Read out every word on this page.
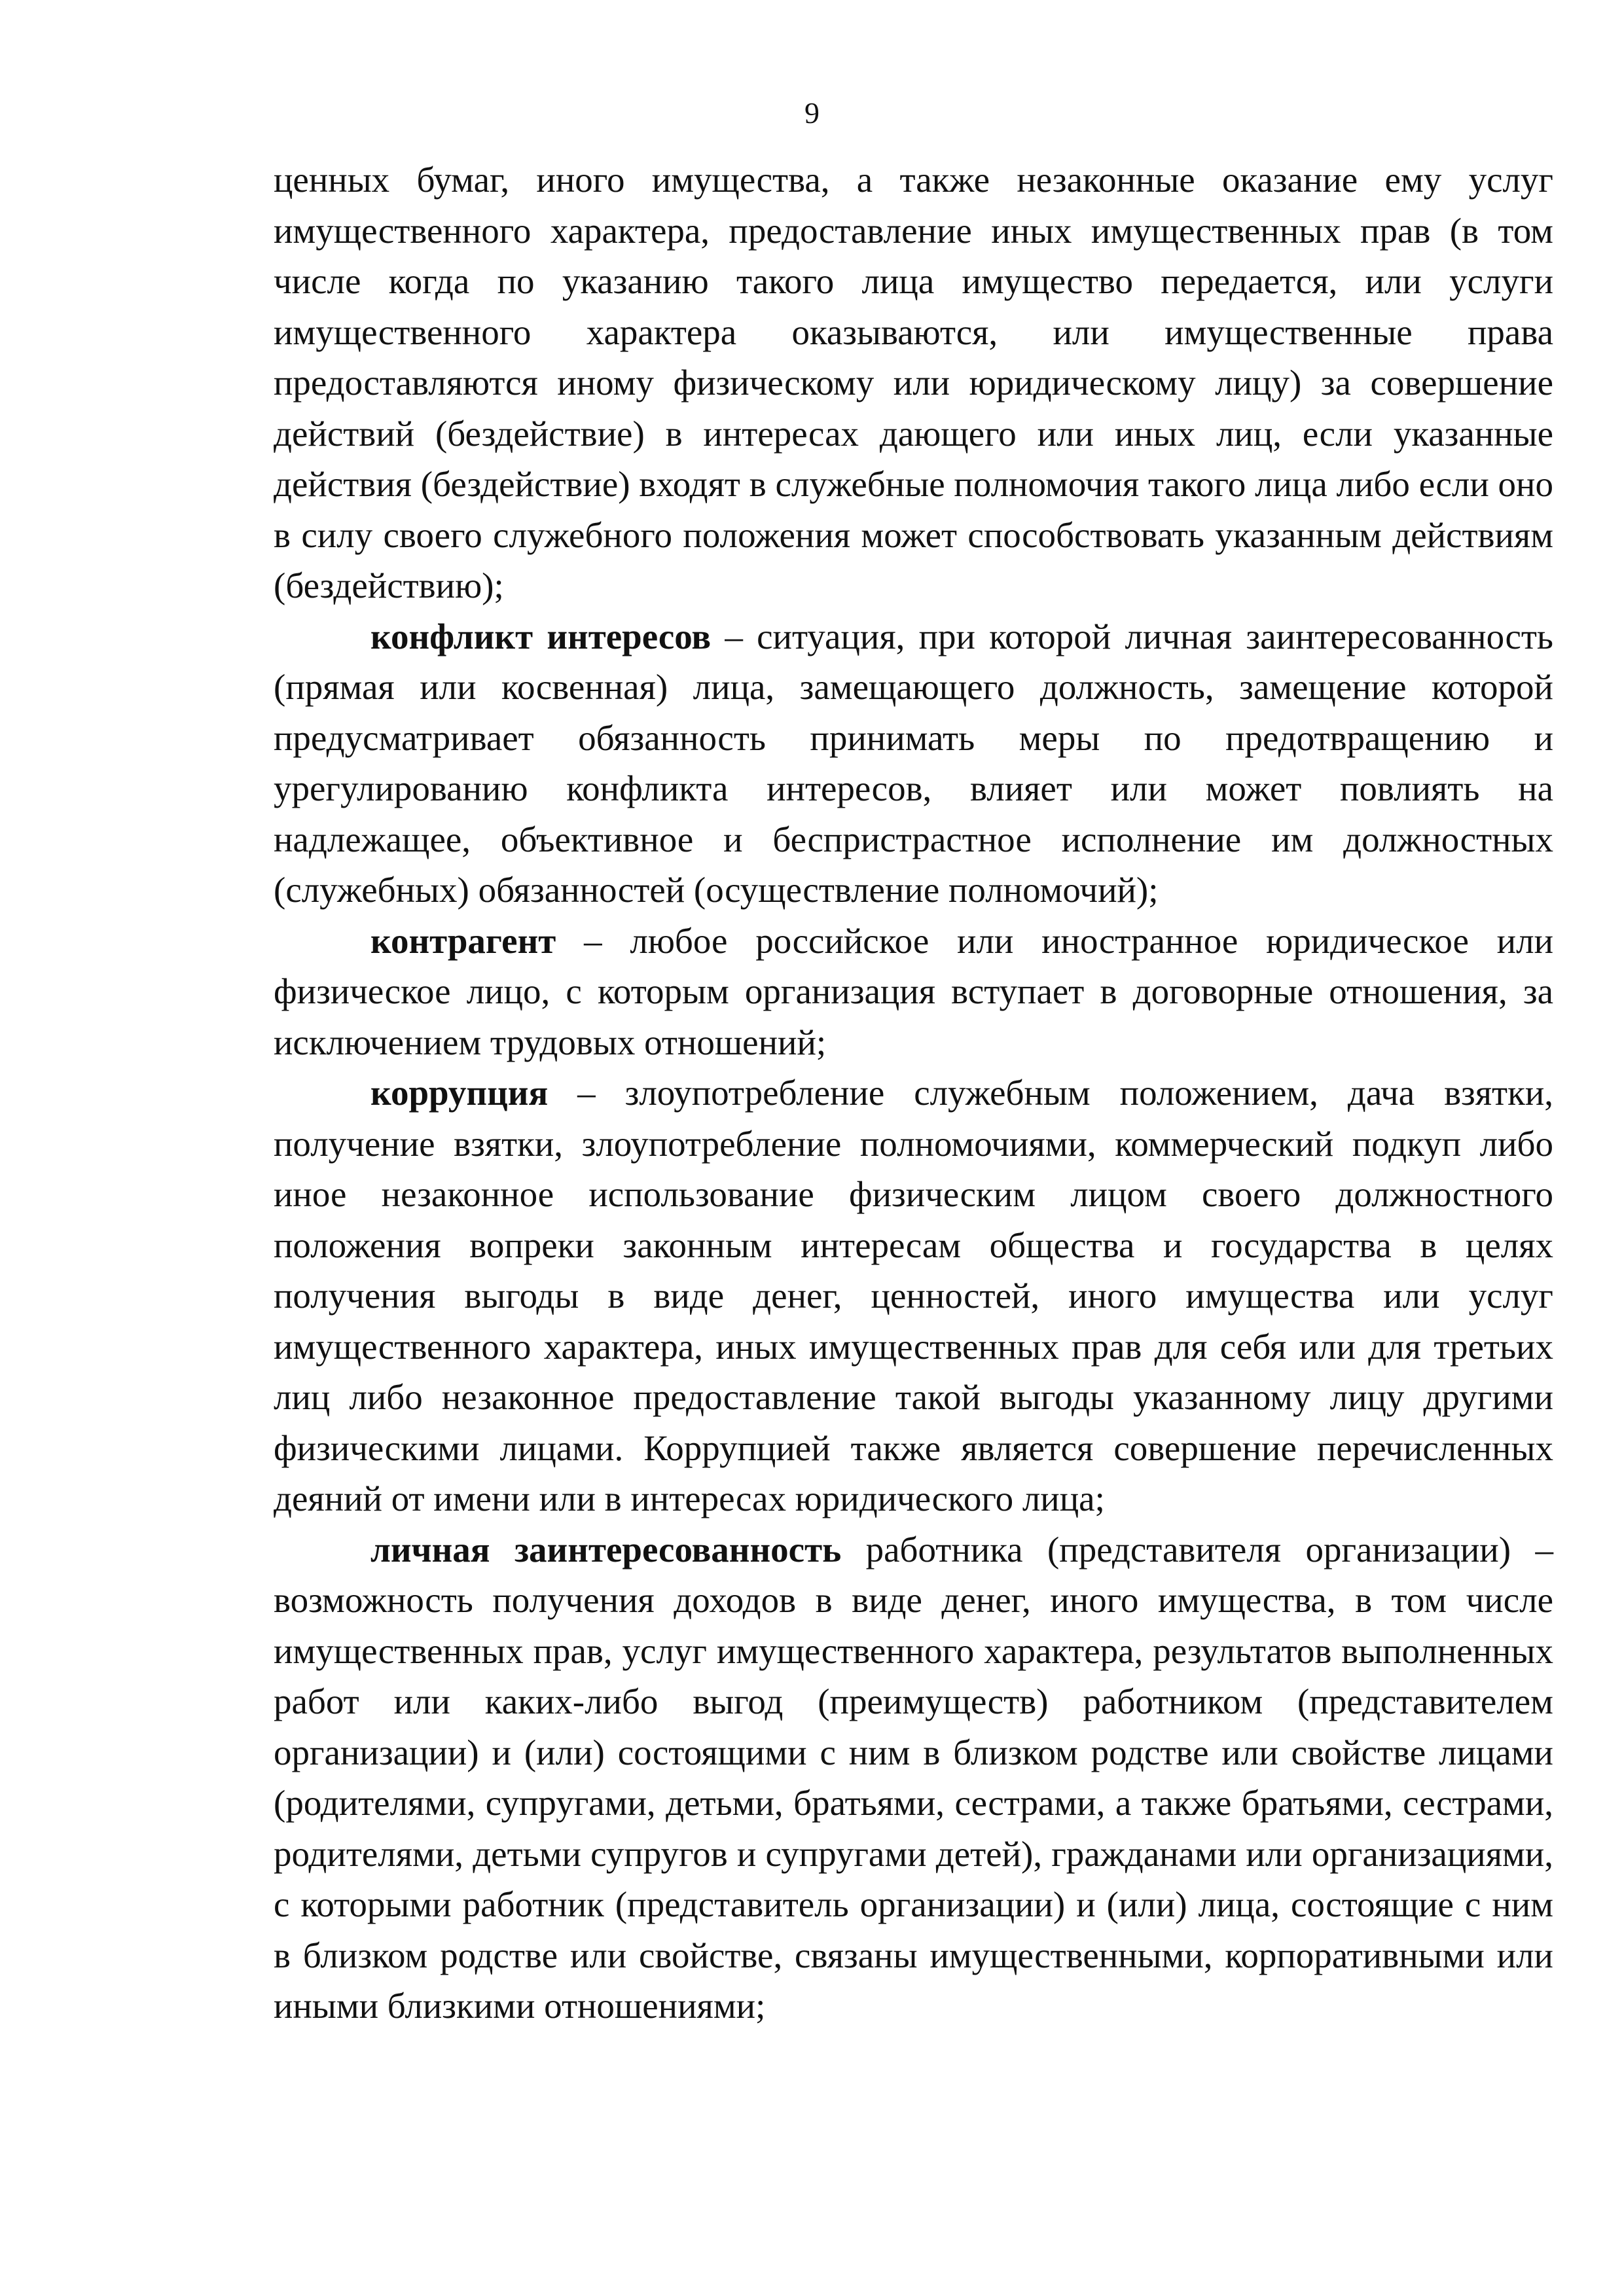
9

ценных бумаг, иного имущества, а также незаконные оказание ему услуг имущественного характера, предоставление иных имущественных прав (в том числе когда по указанию такого лица имущество передается, или услуги имущественного характера оказываются, или имущественные права предоставляются иному физическому или юридическому лицу) за совершение действий (бездействие) в интересах дающего или иных лиц, если указанные действия (бездействие) входят в служебные полномочия такого лица либо если оно в силу своего служебного положения может способствовать указанным действиям (бездействию);

конфликт интересов – ситуация, при которой личная заинтересованность (прямая или косвенная) лица, замещающего должность, замещение которой предусматривает обязанность принимать меры по предотвращению и урегулированию конфликта интересов, влияет или может повлиять на надлежащее, объективное и беспристрастное исполнение им должностных (служебных) обязанностей (осуществление полномочий);

контрагент – любое российское или иностранное юридическое или физическое лицо, с которым организация вступает в договорные отношения, за исключением трудовых отношений;

коррупция – злоупотребление служебным положением, дача взятки, получение взятки, злоупотребление полномочиями, коммерческий подкуп либо иное незаконное использование физическим лицом своего должностного положения вопреки законным интересам общества и государства в целях получения выгоды в виде денег, ценностей, иного имущества или услуг имущественного характера, иных имущественных прав для себя или для третьих лиц либо незаконное предоставление такой выгоды указанному лицу другими физическими лицами. Коррупцией также является совершение перечисленных деяний от имени или в интересах юридического лица;

личная заинтересованность работника (представителя организации) – возможность получения доходов в виде денег, иного имущества, в том числе имущественных прав, услуг имущественного характера, результатов выполненных работ или каких-либо выгод (преимуществ) работником (представителем организации) и (или) состоящими с ним в близком родстве или свойстве лицами (родителями, супругами, детьми, братьями, сестрами, а также братьями, сестрами, родителями, детьми супругов и супругами детей), гражданами или организациями, с которыми работник (представитель организации) и (или) лица, состоящие с ним в близком родстве или свойстве, связаны имущественными, корпоративными или иными близкими отношениями;
